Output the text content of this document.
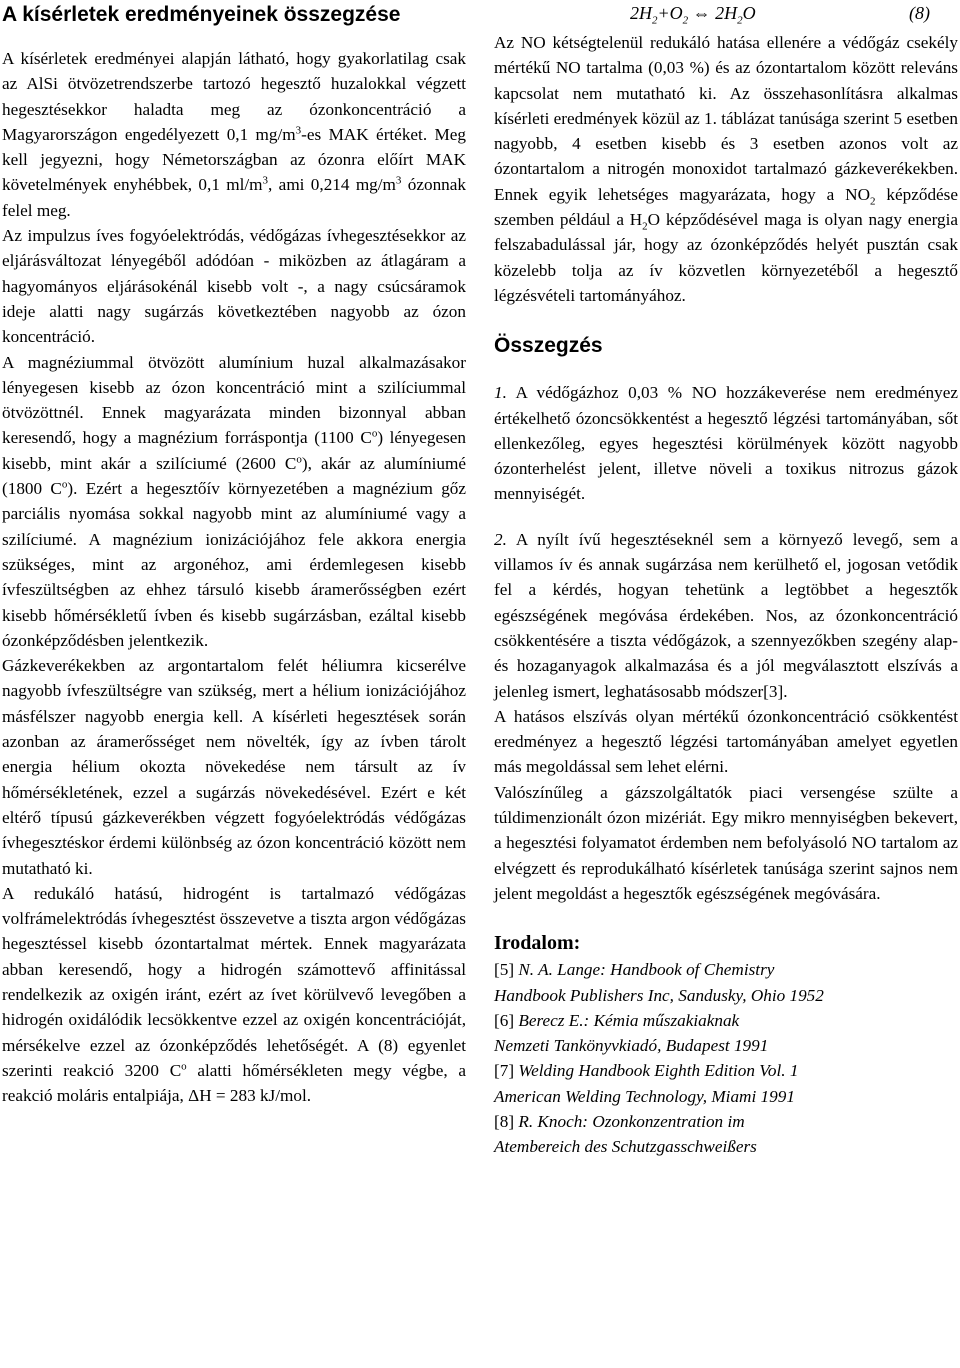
A kísérletek eredményeinek összegzése

A kísérletek eredményei alapján látható, hogy gyakorlatilag csak az AlSi ötvözetrendszerbe tartozó hegesztő huzalokkal végzett hegesztésekkor haladta meg az ózonkoncentráció a Magyarországon engedélyezett 0,1 $mg/m^3-es$ MAK értéket. Meg kell jegyezni, hogy Németországban az ózonra előírt MAK követelmények enyhébbek, 0,1 $ml/m^3$, ami 0,214 $mg/m^3$ ózonnak felel meg.

Az impulzus íves fogyóelektródás, védőgázas ívhegesztésekkor az eljárásváltozat lényegéből adódóan - miközben az átlagáram a hagyományos eljárásokénál kisebb volt -, a nagy csúcsáramok ideje alatti nagy sugárzás következtében nagyobb az ózon koncentráció.

A magnéziummal ötvözött alumínium huzal alkalmazásakor lényegesen kisebb az ózon koncentráció mint a szilíciummal ötvözöttnél. Ennek magyarázata minden bizonnyal abban keresendő, hogy a magnézium forráspontja (1100 $C^o$) lényegesen kisebb, mint akár a szilíciumé (2600 $C^o$), akár az alumíniumé (1800 $C^o$). Ezért a hegesztőív környezetében a magnézium gőz parciális nyomása sokkal nagyobb mint az alumíniumé vagy a szilíciumé. A magnézium ionizációjához fele akkora energia szükséges, mint az argonéhoz, ami érdemlegesen kisebb ívfeszültségben az ehhez társuló kisebb áramerősségben ezért kisebb hőmérsékletű ívben és kisebb sugárzásban, ezáltal kisebb ózonképződésben jelentkezik.

Gázkeverékekben az argontartalom felét héliumra kicserélve nagyobb ívfeszültségre van szükség, mert a hélium ionizációjához másfélszer nagyobb energia kell. A kísérleti hegesztések során azonban az áramerősséget nem növelték, így az ívben tárolt energia hélium okozta növekedése nem társult az ív hőmérsékletének, ezzel a sugárzás növekedésével. Ezért e két eltérő típusú gázkeverékben végzett fogyóelektródás védőgázas ívhegesztéskor érdemi különbség az ózon koncentráció között nem mutatható ki.

A redukáló hatású, hidrogént is tartalmazó védőgázas volfrámelektródás ívhegesztést összevetve a tiszta argon védőgázas hegesztéssel kisebb ózontartalmat mértek. Ennek magyarázata abban keresendő, hogy a hidrogén számottevő affinitással rendelkezik az oxigén iránt, ezért az ívet körülvevő levegőben a hidrogén oxidálódik lecsökkentve ezzel az oxigén koncentrációját, mérsékelve ezzel az ózonképződés lehetőségét. A (8) egyenlet szerinti reakció 3200 $C^o$ alatti hőmérsékleten megy végbe, a reakció moláris entalpiája, ΔH = 283 kJ/mol.

$2H_2+O_2$ ⇔ $2H_2O$	(8)

Az NO kétségtelenül redukáló hatása ellenére a védőgáz csekély mértékű NO tartalma (0,03 %) és az ózontartalom között releváns kapcsolat nem mutatható ki. Az összehasonlításra alkalmas kísérleti eredmények közül az 1. táblázat tanúsága szerint 5 esetben nagyobb, 4 esetben kisebb és 3 esetben azonos volt az ózontartalom a nitrogén monoxidot tartalmazó gázkeverékekben. Ennek egyik lehetséges magyarázata, hogy a $NO_2$ képződése szemben például a $H_2O$ képződésével maga is olyan nagy energia felszabadulással jár, hogy az ózonképződés helyét pusztán csak közelebb tolja az ív közvetlen környezetéből a hegesztő légzésvételi tartományához.

Összegzés

1. A védőgázhoz 0,03 % NO hozzákeverése nem eredményez értékelhető ózoncsökkentést a hegesztő légzési tartományában, sőt ellenkezőleg, egyes hegesztési körülmények között nagyobb ózonterhelést jelent, illetve növeli a toxikus nitrozus gázok mennyiségét.

2. A nyílt ívű hegesztéseknél sem a környező levegő, sem a villamos ív és annak sugárzása nem kerülhető el, jogosan vetődik fel a kérdés, hogyan tehetünk a legtöbbet a hegesztők egészségének megóvása érdekében. Nos, az ózonkoncentráció csökkentésére a tiszta védőgázok, a szennyezőkben szegény alap- és hozaganyagok alkalmazása és a jól megválasztott elszívás a jelenleg ismert, leghatásosabb módszer[3].

A hatásos elszívás olyan mértékű ózonkoncentráció csökkentést eredményez a hegesztő légzési tartományában amelyet egyetlen más megoldással sem lehet elérni.

Valószínűleg a gázszolgáltatók piaci versengése szülte a túldimenzionált ózon mizériát. Egy mikro mennyiségben bekevert, a hegesztési folyamatot érdemben nem befolyásoló NO tartalom az elvégzett és reprodukálható kísérletek tanúsága szerint sajnos nem jelent megoldást a hegesztők egészségének megóvására.

Irodalom:

[5] N. A. Lange: Handbook of Chemistry
Handbook Publishers Inc, Sandusky, Ohio 1952

[6] Berecz E.: Kémia műszakiaknak
Nemzeti Tankönyvkiadó, Budapest 1991

[7] Welding Handbook Eighth Edition Vol. 1
American Welding Technology, Miami 1991

[8] R. Knoch: Ozonkonzentration im
Atembereich des Schutzgasschweißers
